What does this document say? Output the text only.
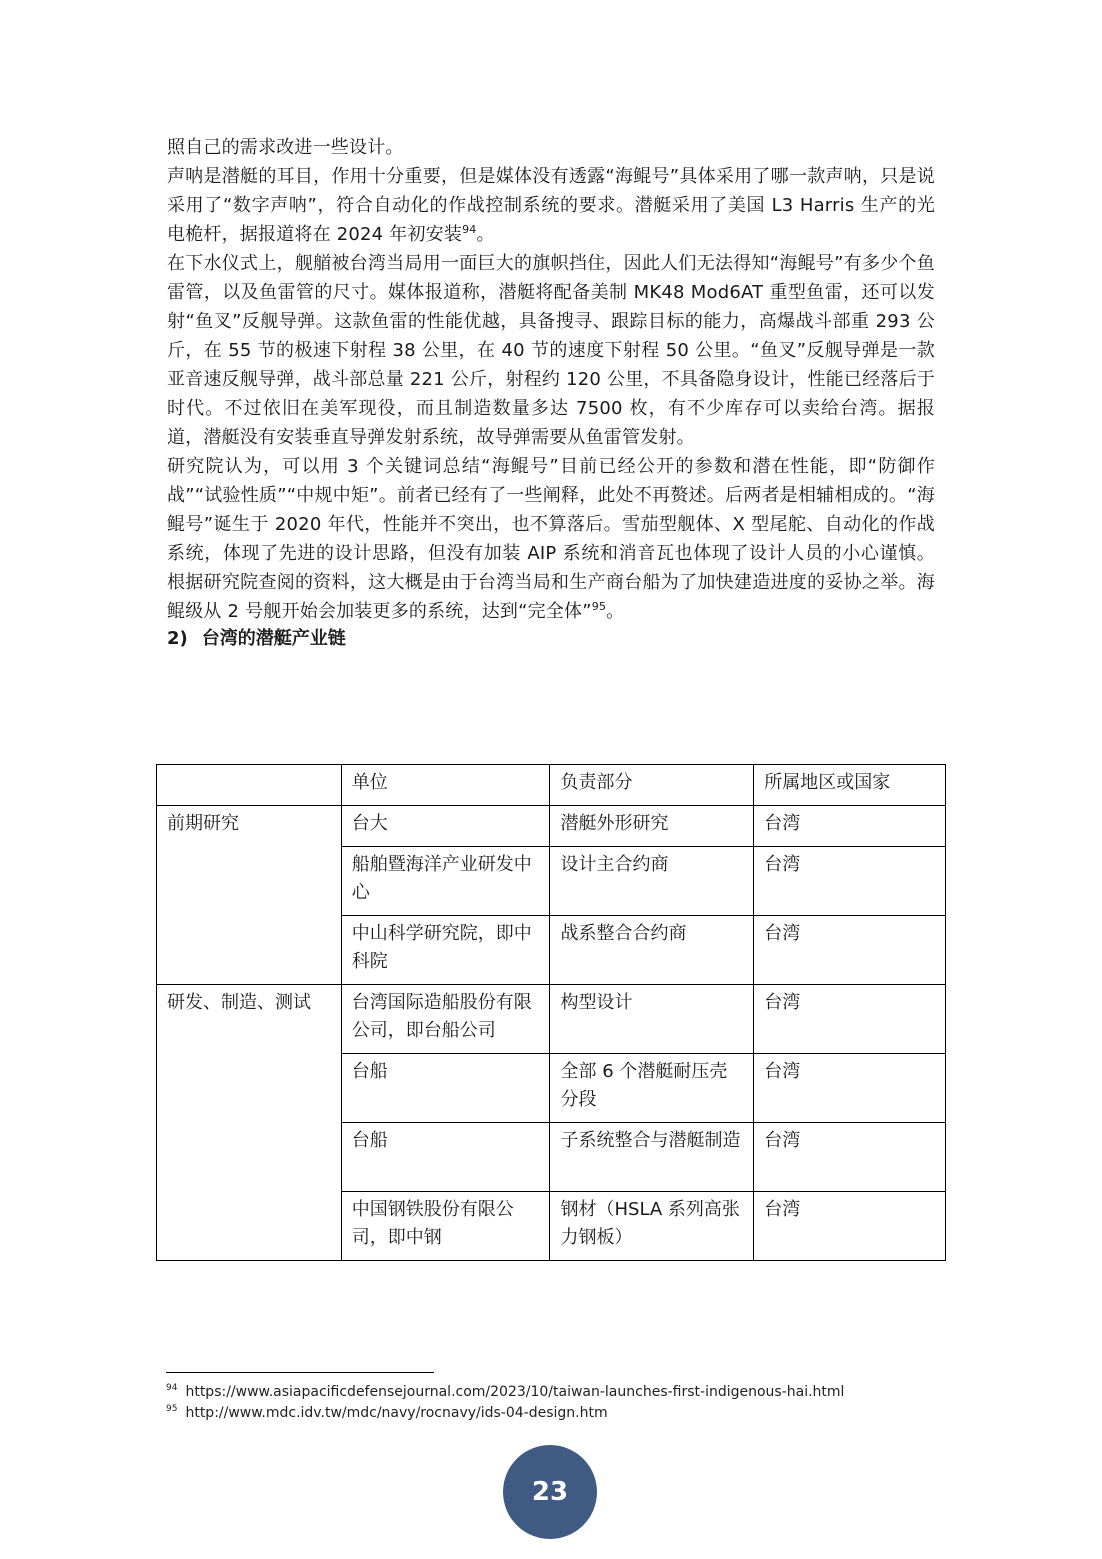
照自己的需求改进一些设计。

声呐是潜艇的耳目，作用十分重要，但是媒体没有透露“海鲲号”具体采用了哪一款声呐，只是说采用了“数字声呐”，符合自动化的作战控制系统的要求。潜艇采用了美国 L3 Harris 生产的光电桅杆，据报道将在 2024 年初安装$^{94}$。

在下水仪式上，舰艏被台湾当局用一面巨大的旗帜挡住，因此人们无法得知“海鲲号”有多少个鱼雷管，以及鱼雷管的尺寸。媒体报道称，潜艇将配备美制 MK48 Mod6AT 重型鱼雷，还可以发射“鱼叉”反舰导弹。这款鱼雷的性能优越，具备搜寻、跟踪目标的能力，高爆战斗部重 293 公斤，在 55 节的极速下射程 38 公里，在 40 节的速度下射程 50 公里。“鱼叉”反舰导弹是一款亚音速反舰导弹，战斗部总量 221 公斤，射程约 120 公里，不具备隐身设计，性能已经落后于时代。不过依旧在美军现役，而且制造数量多达 7500 枚，有不少库存可以卖给台湾。据报道，潜艇没有安装垂直导弹发射系统，故导弹需要从鱼雷管发射。

研究院认为，可以用 3 个关键词总结“海鲲号”目前已经公开的参数和潜在性能，即“防御作战”“试验性质”“中规中矩”。前者已经有了一些阐释，此处不再赘述。后两者是相辅相成的。“海鲲号”诞生于 2020 年代，性能并不突出，也不算落后。雪茄型舰体、X 型尾舵、自动化的作战系统，体现了先进的设计思路，但没有加装 AIP 系统和消音瓦也体现了设计人员的小心谨慎。根据研究院查阅的资料，这大概是由于台湾当局和生产商台船为了加快建造进度的妥协之举。海鲲级从 2 号舰开始会加装更多的系统，达到“完全体”$^{95}$。

2) 台湾的潜艇产业链
	单位	负责部分	所属地区或国家
前期研究	台大	潜艇外形研究	台湾
	船舶暨海洋产业研发中心	设计主合约商	台湾
	中山科学研究院，即中科院	战系整合合约商	台湾
研发、制造、测试	台湾国际造船股份有限公司，即台船公司	构型设计	台湾
	台船	全部 6 个潜艇耐压壳分段	台湾
	台船	子系统整合与潜艇制造	台湾
	中国钢铁股份有限公司，即中钢	钢材（HSLA 系列高张力钢板）	台湾
$^{94}$ https://www.asiapacificdefensejournal.com/2023/10/taiwan-launches-first-indigenous-hai.html
$^{95}$ http://www.mdc.idv.tw/mdc/navy/rocnavy/ids-04-design.htm
23
